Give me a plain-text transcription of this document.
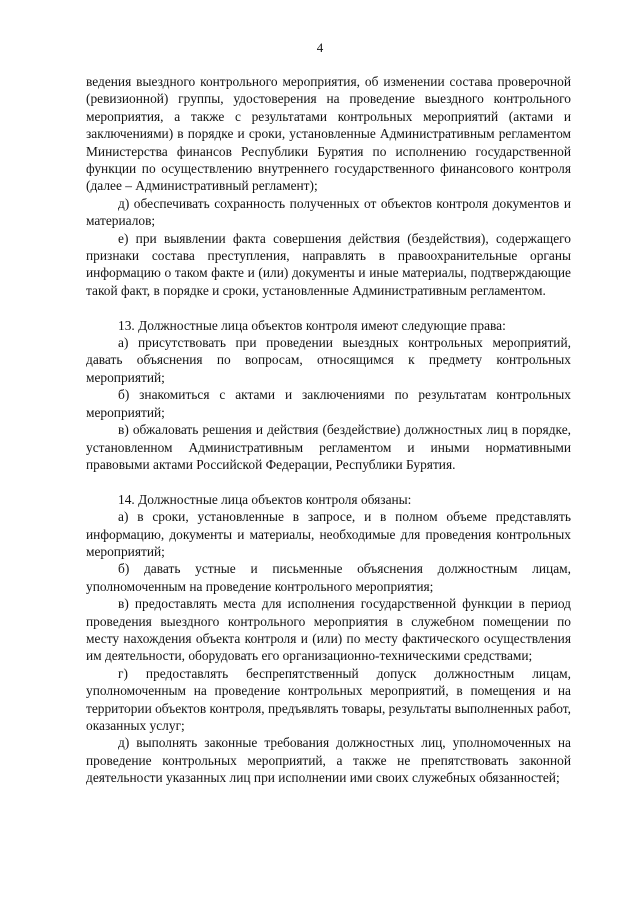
4

ведения выездного контрольного мероприятия, об изменении состава проверочной (ревизионной) группы, удостоверения на проведение выездного контрольного мероприятия, а также с результатами контрольных мероприятий (актами и заключениями) в порядке и сроки, установленные Административным регламентом Министерства финансов Республики Бурятия по исполнению государственной функции по осуществлению внутреннего государственного финансового контроля (далее – Административный регламент);

д) обеспечивать сохранность полученных от объектов контроля документов и материалов;

е) при выявлении факта совершения действия (бездействия), содержащего признаки состава преступления, направлять в правоохранительные органы информацию о таком факте и (или) документы и иные материалы, подтверждающие такой факт, в порядке и сроки, установленные Административным регламентом.

13. Должностные лица объектов контроля имеют следующие права:

а) присутствовать при проведении выездных контрольных мероприятий, давать объяснения по вопросам, относящимся к предмету контрольных мероприятий;

б) знакомиться с актами и заключениями по результатам контрольных мероприятий;

в) обжаловать решения и действия (бездействие) должностных лиц в порядке, установленном Административным регламентом и иными нормативными правовыми актами Российской Федерации, Республики Бурятия.

14. Должностные лица объектов контроля обязаны:

а) в сроки, установленные в запросе, и в полном объеме представлять информацию, документы и материалы, необходимые для проведения контрольных мероприятий;

б) давать устные и письменные объяснения должностным лицам, уполномоченным на проведение контрольного мероприятия;

в) предоставлять места для исполнения государственной функции в период проведения выездного контрольного мероприятия в служебном помещении по месту нахождения объекта контроля и (или) по месту фактического осуществления им деятельности, оборудовать его организационно-техническими средствами;

г) предоставлять беспрепятственный допуск должностным лицам, уполномоченным на проведение контрольных мероприятий, в помещения и на территории объектов контроля, предъявлять товары, результаты выполненных работ, оказанных услуг;

д) выполнять законные требования должностных лиц, уполномоченных на проведение контрольных мероприятий, а также не препятствовать законной деятельности указанных лиц при исполнении ими своих служебных обязанностей;
